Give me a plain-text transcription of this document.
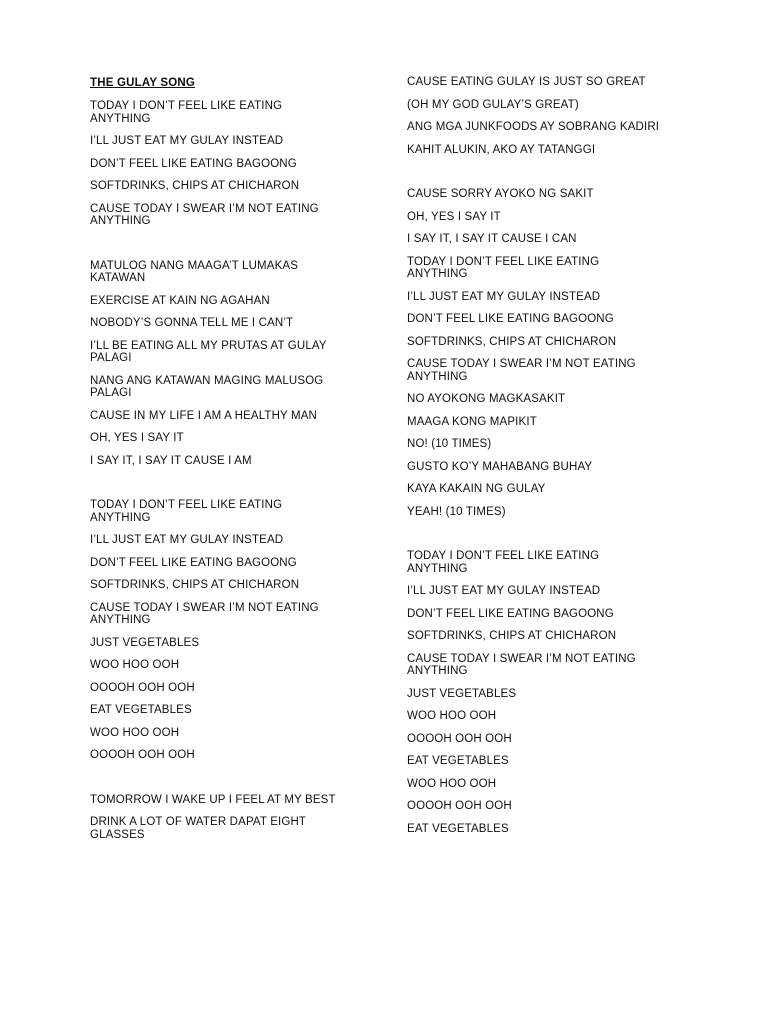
THE GULAY SONG
TODAY I DON’T FEEL LIKE EATING
ANYTHING
I’LL JUST EAT MY GULAY INSTEAD
DON’T FEEL LIKE EATING BAGOONG
SOFTDRINKS, CHIPS AT CHICHARON
CAUSE TODAY I SWEAR I’M NOT EATING
ANYTHING
MATULOG NANG MAAGA’T LUMAKAS
KATAWAN
EXERCISE AT KAIN NG AGAHAN
NOBODY’S GONNA TELL ME I CAN’T
I’LL BE EATING ALL MY PRUTAS AT GULAY
PALAGI
NANG ANG KATAWAN MAGING MALUSOG
PALAGI
CAUSE IN MY LIFE I AM A HEALTHY MAN
OH, YES I SAY IT
I SAY IT, I SAY IT CAUSE I AM
TODAY I DON’T FEEL LIKE EATING
ANYTHING
I’LL JUST EAT MY GULAY INSTEAD
DON’T FEEL LIKE EATING BAGOONG
SOFTDRINKS, CHIPS AT CHICHARON
CAUSE TODAY I SWEAR I’M NOT EATING
ANYTHING
JUST VEGETABLES
WOO HOO OOH
OOOOH OOH OOH
EAT VEGETABLES
WOO HOO OOH
OOOOH OOH OOH
TOMORROW I WAKE UP I FEEL AT MY BEST
DRINK A LOT OF WATER DAPAT EIGHT
GLASSES
CAUSE EATING GULAY IS JUST SO GREAT
(OH MY GOD GULAY’S GREAT)
ANG MGA JUNKFOODS AY SOBRANG KADIRI
KAHIT ALUKIN, AKO AY TATANGGI
CAUSE SORRY AYOKO NG SAKIT
OH, YES I SAY IT
I SAY IT, I SAY IT CAUSE I CAN
TODAY I DON’T FEEL LIKE EATING
ANYTHING
I’LL JUST EAT MY GULAY INSTEAD
DON’T FEEL LIKE EATING BAGOONG
SOFTDRINKS, CHIPS AT CHICHARON
CAUSE TODAY I SWEAR I’M NOT EATING
ANYTHING
NO AYOKONG MAGKASAKIT
MAAGA KONG MAPIKIT
NO! (10 TIMES)
GUSTO KO’Y MAHABANG BUHAY
KAYA KAKAIN NG GULAY
YEAH! (10 TIMES)
TODAY I DON’T FEEL LIKE EATING
ANYTHING
I’LL JUST EAT MY GULAY INSTEAD
DON’T FEEL LIKE EATING BAGOONG
SOFTDRINKS, CHIPS AT CHICHARON
CAUSE TODAY I SWEAR I’M NOT EATING
ANYTHING
JUST VEGETABLES
WOO HOO OOH
OOOOH OOH OOH
EAT VEGETABLES
WOO HOO OOH
OOOOH OOH OOH
EAT VEGETABLES
